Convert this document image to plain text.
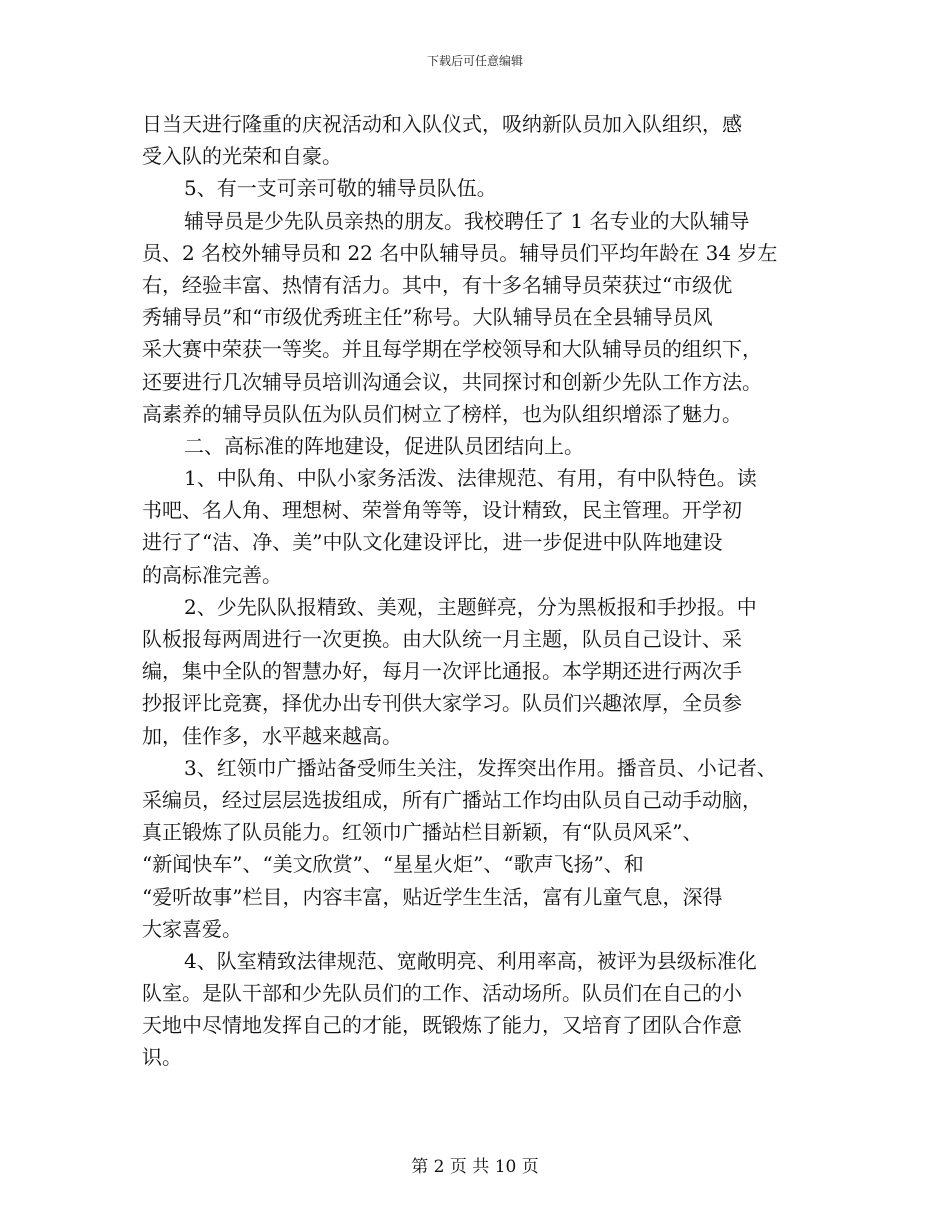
下载后可任意编辑
日当天进行隆重的庆祝活动和入队仪式，吸纳新队员加入队组织，感
受入队的光荣和自豪。
5、有一支可亲可敬的辅导员队伍。
辅导员是少先队员亲热的朋友。我校聘任了 1 名专业的大队辅导
员、2 名校外辅导员和 22 名中队辅导员。辅导员们平均年龄在 34 岁左
右，经验丰富、热情有活力。其中，有十多名辅导员荣获过“市级优
秀辅导员”和“市级优秀班主任”称号。大队辅导员在全县辅导员风
采大赛中荣获一等奖。并且每学期在学校领导和大队辅导员的组织下，
还要进行几次辅导员培训沟通会议，共同探讨和创新少先队工作方法。
高素养的辅导员队伍为队员们树立了榜样，也为队组织增添了魅力。
二、高标准的阵地建设，促进队员团结向上。
1、中队角、中队小家务活泼、法律规范、有用，有中队特色。读
书吧、名人角、理想树、荣誉角等等，设计精致，民主管理。开学初
进行了“洁、净、美”中队文化建设评比，进一步促进中队阵地建设
的高标准完善。
2、少先队队报精致、美观，主题鲜亮，分为黑板报和手抄报。中
队板报每两周进行一次更换。由大队统一月主题，队员自己设计、采
编，集中全队的智慧办好，每月一次评比通报。本学期还进行两次手
抄报评比竞赛，择优办出专刊供大家学习。队员们兴趣浓厚，全员参
加，佳作多，水平越来越高。
3、红领巾广播站备受师生关注，发挥突出作用。播音员、小记者、
采编员，经过层层选拔组成，所有广播站工作均由队员自己动手动脑，
真正锻炼了队员能力。红领巾广播站栏目新颖，有“队员风采”、
“新闻快车”、“美文欣赏”、“星星火炬”、“歌声飞扬”、和
“爱听故事”栏目，内容丰富，贴近学生生活，富有儿童气息，深得
大家喜爱。
4、队室精致法律规范、宽敞明亮、利用率高，被评为县级标准化
队室。是队干部和少先队员们的工作、活动场所。队员们在自己的小
天地中尽情地发挥自己的才能，既锻炼了能力，又培育了团队合作意
识。
第 2 页 共 10 页
